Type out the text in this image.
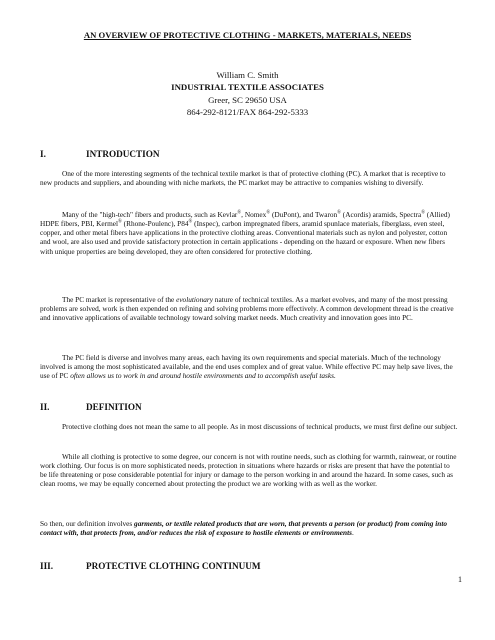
AN OVERVIEW OF PROTECTIVE CLOTHING - MARKETS, MATERIALS, NEEDS
William C. Smith
INDUSTRIAL TEXTILE ASSOCIATES
Greer, SC 29650 USA
864-292-8121/FAX 864-292-5333
I.	INTRODUCTION
One of the more interesting segments of the technical textile market is that of protective clothing (PC). A market that is receptive to new products and suppliers, and abounding with niche markets, the PC market may be attractive to companies wishing to diversify.
Many of the "high-tech" fibers and products, such as Kevlar®, Nomex® (DuPont), and Twaron® (Acordis) aramids, Spectra® (Allied) HDPE fibers, PBI, Kermel® (Rhone-Poulenc), P84® (Inspec), carbon impregnated fibers, aramid spunlace materials, fiberglass, even steel, copper, and other metal fibers have applications in the protective clothing areas. Conventional materials such as nylon and polyester, cotton and wool, are also used and provide satisfactory protection in certain applications - depending on the hazard or exposure. When new fibers with unique properties are being developed, they are often considered for protective clothing.
The PC market is representative of the evolutionary nature of technical textiles. As a market evolves, and many of the most pressing problems are solved, work is then expended on refining and solving problems more effectively. A common development thread is the creative and innovative applications of available technology toward solving market needs. Much creativity and innovation goes into PC.
The PC field is diverse and involves many areas, each having its own requirements and special materials. Much of the technology involved is among the most sophisticated available, and the end uses complex and of great value. While effective PC may help save lives, the use of PC often allows us to work in and around hostile environments and to accomplish useful tasks.
II.	DEFINITION
Protective clothing does not mean the same to all people. As in most discussions of technical products, we must first define our subject.
While all clothing is protective to some degree, our concern is not with routine needs, such as clothing for warmth, rainwear, or routine work clothing. Our focus is on more sophisticated needs, protection in situations where hazards or risks are present that have the potential to be life threatening or pose considerable potential for injury or damage to the person working in and around the hazard. In some cases, such as clean rooms, we may be equally concerned about protecting the product we are working with as well as the worker.
So then, our definition involves garments, or textile related products that are worn, that prevents a person (or product) from coming into contact with, that protects from, and/or reduces the risk of exposure to hostile elements or environments.
III.	PROTECTIVE CLOTHING CONTINUUM
1
